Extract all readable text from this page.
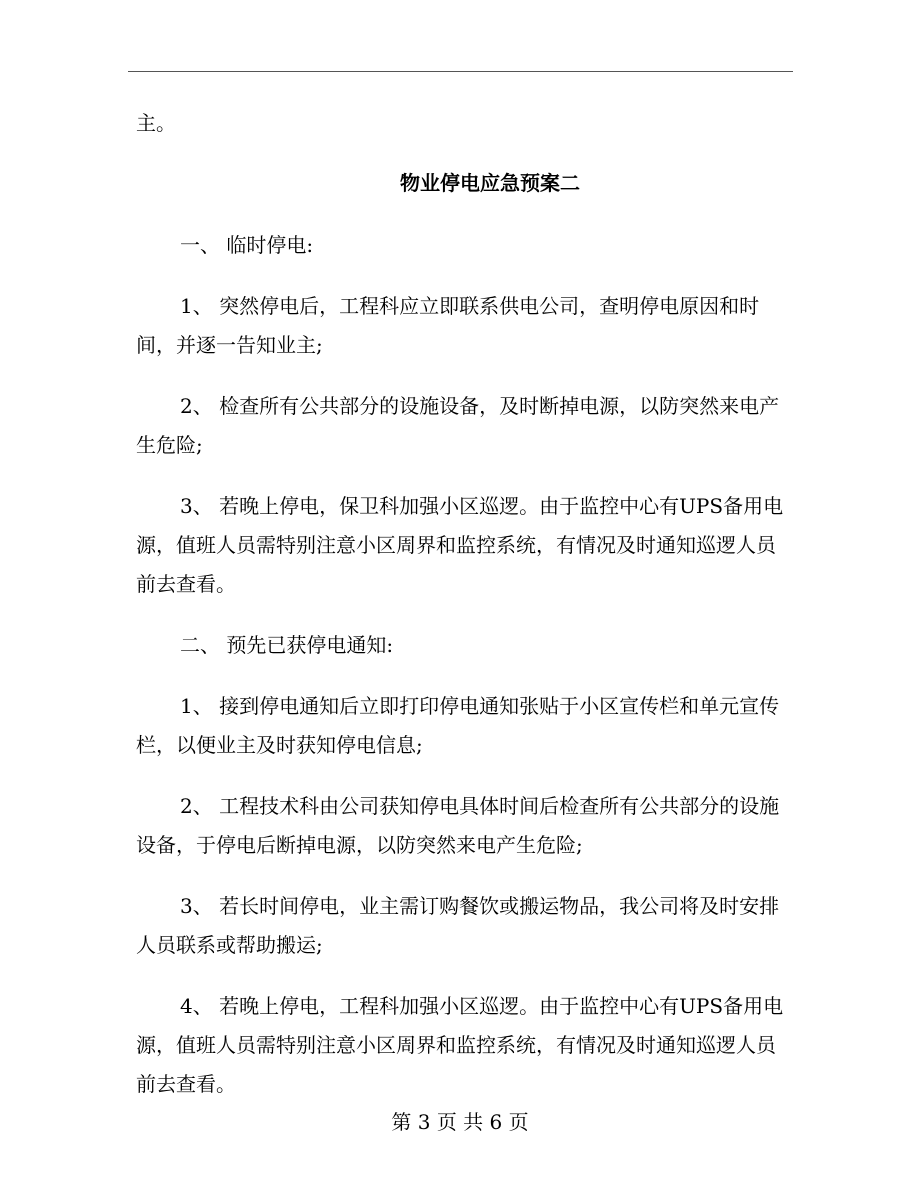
主。

物业停电应急预案二

一、 临时停电:

1、 突然停电后，工程科应立即联系供电公司，查明停电原因和时间，并逐一告知业主;

2、 检查所有公共部分的设施设备，及时断掉电源，以防突然来电产生危险;

3、 若晚上停电，保卫科加强小区巡逻。由于监控中心有UPS备用电源，值班人员需特别注意小区周界和监控系统，有情况及时通知巡逻人员前去查看。

二、 预先已获停电通知:

1、 接到停电通知后立即打印停电通知张贴于小区宣传栏和单元宣传栏，以便业主及时获知停电信息;

2、 工程技术科由公司获知停电具体时间后检查所有公共部分的设施设备，于停电后断掉电源，以防突然来电产生危险;

3、 若长时间停电，业主需订购餐饮或搬运物品，我公司将及时安排人员联系或帮助搬运;

4、 若晚上停电，工程科加强小区巡逻。由于监控中心有UPS备用电源，值班人员需特别注意小区周界和监控系统，有情况及时通知巡逻人员前去查看。

第 3 页 共 6 页
